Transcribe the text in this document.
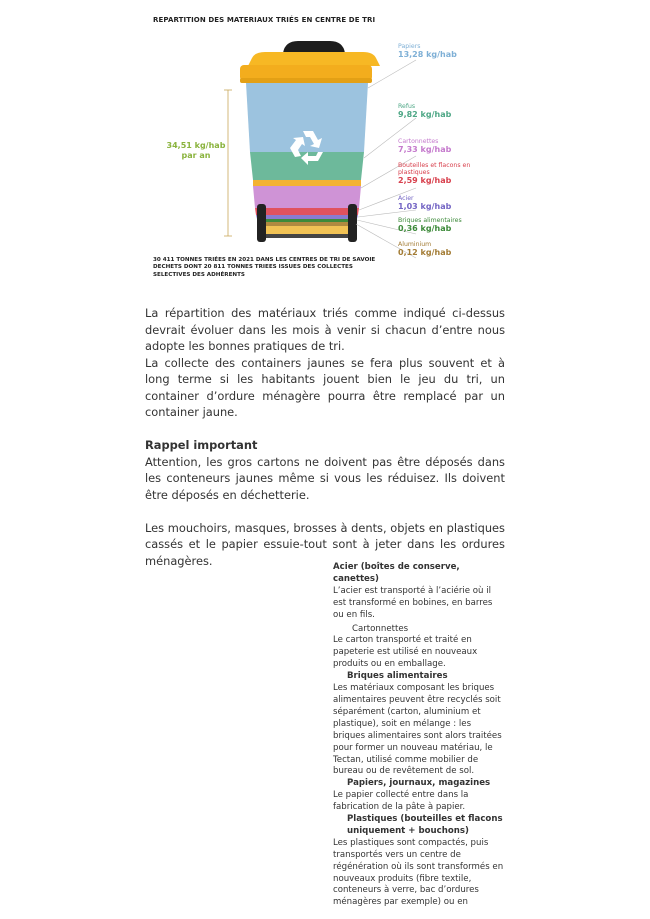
REPARTITION DES MATERIAUX TRIÉS EN CENTRE DE TRI
34,51 kg/hab
par an
Papiers
13,28 kg/hab
Refus
9,82 kg/hab
Cartonnettes
7,33 kg/hab
Bouteilles et flacons en plastiques
2,59 kg/hab
Acier
1,03 kg/hab
Briques alimentaires
0,36 kg/hab
Aluminium
0,12 kg/hab
30 411 TONNES TRIÉES EN 2021 DANS LES CENTRES DE TRI DE SAVOIE
DECHETS DONT 20 811 TONNES TRIEES ISSUES DES COLLECTES
SELECTIVES DES ADHÉRENTS

La répartition des matériaux triés comme indiqué ci-dessus devrait évoluer dans les mois à venir si chacun d’entre nous adopte les bonnes pratiques de tri.

La collecte des containers jaunes se fera plus souvent et à long terme si les habitants jouent bien le jeu du tri, un container d’ordure ménagère pourra être remplacé par un container jaune.

Rappel important

Attention, les gros cartons ne doivent pas être déposés dans les conteneurs jaunes même si vous les réduisez. Ils doivent être déposés en déchetterie.

Les mouchoirs, masques, brosses à dents, objets en plastiques cassés et le papier essuie-tout sont à jeter dans les ordures ménagères.	Acier (boîtes de conserve, canettes)

L’acier est transporté à l’aciérie où il est transformé en bobines, en barres ou en fils.

Cartonnettes

Le carton transporté et traité en papeterie est utilisé en nouveaux produits ou en emballage.

Briques alimentaires

Les matériaux composant les briques alimentaires peuvent être recyclés soit séparément (carton, aluminium et plastique), soit en mélange : les briques alimentaires sont alors traitées pour former un nouveau matériau, le Tectan, utilisé comme mobilier de bureau ou de revêtement de sol.

Papiers, journaux, magazines

Le papier collecté entre dans la fabrication de la pâte à papier.

Plastiques (bouteilles et flacons uniquement + bouchons)

Les plastiques sont compactés, puis transportés vers un centre de régénération où ils sont transformés en nouveaux produits (fibre textile, conteneurs à verre, bac d’ordures ménagères par exemple) ou en
